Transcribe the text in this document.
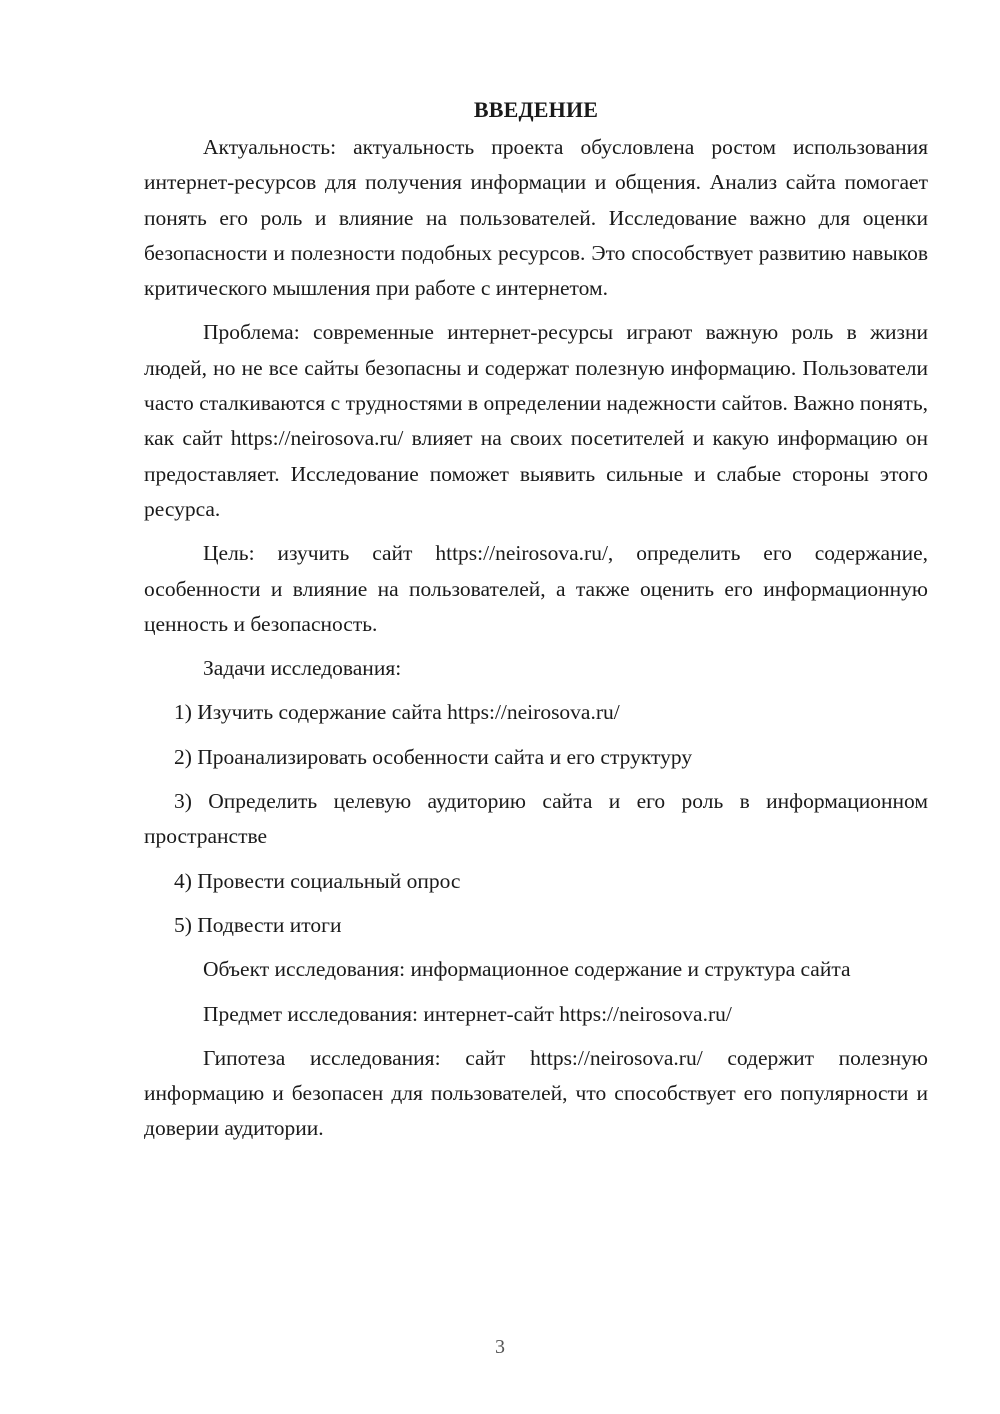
ВВЕДЕНИЕ

Актуальность: актуальность проекта обусловлена ростом использования интернет-ресурсов для получения информации и общения. Анализ сайта помогает понять его роль и влияние на пользователей. Исследование важно для оценки безопасности и полезности подобных ресурсов. Это способствует развитию навыков критического мышления при работе с интернетом.

Проблема: современные интернет-ресурсы играют важную роль в жизни людей, но не все сайты безопасны и содержат полезную информацию. Пользователи часто сталкиваются с трудностями в определении надежности сайтов. Важно понять, как сайт https://neirosova.ru/ влияет на своих посетителей и какую информацию он предоставляет. Исследование поможет выявить сильные и слабые стороны этого ресурса.

Цель: изучить сайт https://neirosova.ru/, определить его содержание, особенности и влияние на пользователей, а также оценить его информационную ценность и безопасность.

Задачи исследования:

1) Изучить содержание сайта https://neirosova.ru/

2) Проанализировать особенности сайта и его структуру

3) Определить целевую аудиторию сайта и его роль в информационном пространстве

4) Провести социальный опрос

5) Подвести итоги

Объект исследования: информационное содержание и структура сайта

Предмет исследования: интернет-сайт https://neirosova.ru/

Гипотеза исследования: сайт https://neirosova.ru/ содержит полезную информацию и безопасен для пользователей, что способствует его популярности и доверии аудитории.

3
